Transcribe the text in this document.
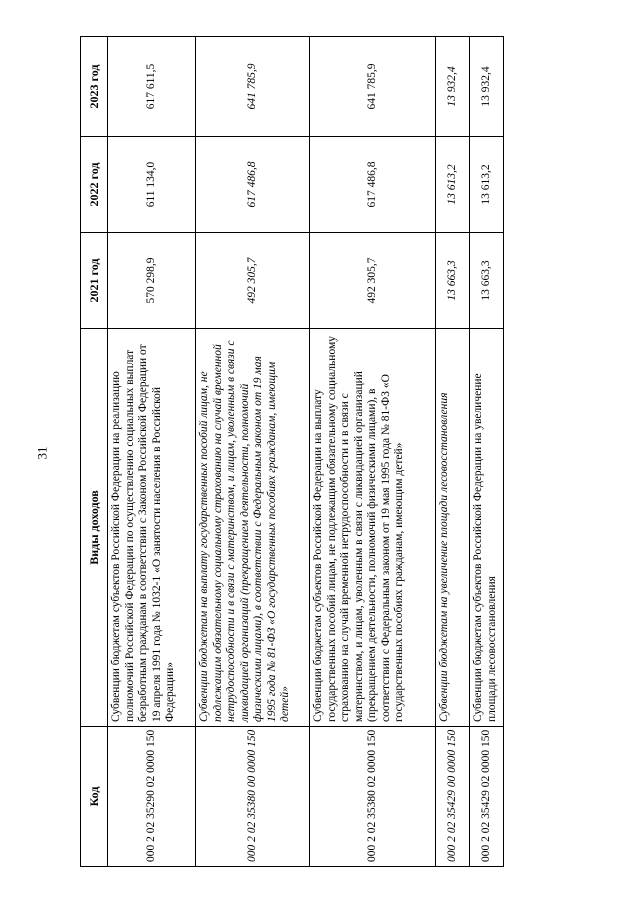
31
Код	Виды доходов	2021 год	2022 год	2023 год
000 2 02 35290 02 0000 150	Субвенции бюджетам субъектов Российской Федерации на реализацию полномочий Российской Федерации по осуществлению социальных выплат безработным гражданам в соответствии с Законом Российской Федерации от 19 апреля 1991 года № 1032-1 «О занятости населения в Российской Федерации»	570 298,9	611 134,0	617 611,5
000 2 02 35380 00 0000 150	Субвенции бюджетам на выплату государственных пособий лицам, не подлежащим обязательному социальному страхованию на случай временной нетрудоспособности и в связи с материнством, и лицам, уволенным в связи с ликвидацией организаций (прекращением деятельности, полномочий физическими лицами), в соответствии с Федеральным законом от 19 мая 1995 года № 81-ФЗ «О государственных пособиях гражданам, имеющим детей»	492 305,7	617 486,8	641 785,9
000 2 02 35380 02 0000 150	Субвенции бюджетам субъектов Российской Федерации на выплату государственных пособий лицам, не подлежащим обязательному социальному страхованию на случай временной нетрудоспособности и в связи с материнством, и лицам, уволенным в связи с ликвидацией организаций (прекращением деятельности, полномочий физическими лицами), в соответствии с Федеральным законом от 19 мая 1995 года № 81-ФЗ «О государственных пособиях гражданам, имеющим детей»	492 305,7	617 486,8	641 785,9
000 2 02 35429 00 0000 150	Субвенции бюджетам на увеличение площади лесовосстановления	13 663,3	13 613,2	13 932,4
000 2 02 35429 02 0000 150	Субвенции бюджетам субъектов Российской Федерации на увеличение площади лесовосстановления	13 663,3	13 613,2	13 932,4
